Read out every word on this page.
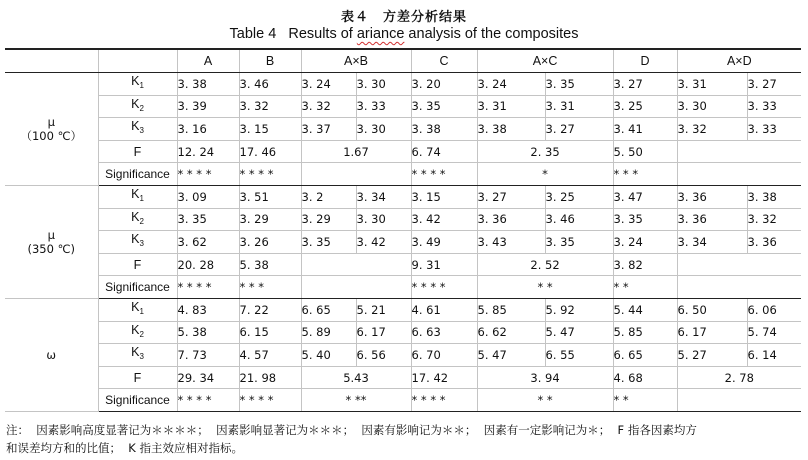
表４　方差分析结果
Table 4   Results of ariance analysis of the composites
		A	B	A×B		C	A×C		D	A×D	
μ
（100 ℃）	$K_1$	3. 38	3. 46	3. 24	3. 30	3. 20	3. 24	3. 35	3. 27	3. 31	3. 27
	$K_2$	3. 39	3. 32	3. 32	3. 33	3. 35	3. 31	3. 31	3. 25	3. 30	3. 33
	$K_3$	3. 16	3. 15	3. 37	3. 30	3. 38	3. 38	3. 27	3. 41	3. 32	3. 33
	F	12. 24	17. 46	1.67		6. 74	2. 35		5. 50		
	Significance	* * * *	* * * *			* * * *	*		* * *		
μ
(350 ℃)	$K_1$	3. 09	3. 51	3. 2	3. 34	3. 15	3. 27	3. 25	3. 47	3. 36	3. 38
	$K_2$	3. 35	3. 29	3. 29	3. 30	3. 42	3. 36	3. 46	3. 35	3. 36	3. 32
	$K_3$	3. 62	3. 26	3. 35	3. 42	3. 49	3. 43	3. 35	3. 24	3. 34	3. 36
	F	20. 28	5. 38			9. 31	2. 52		3. 82		
	Significance	* * * *	* * *			* * * *	* *		* *		
ω	$K_1$	4. 83	7. 22	6. 65	5. 21	4. 61	5. 85	5. 92	5. 44	6. 50	6. 06
	$K_2$	5. 38	6. 15	5. 89	6. 17	6. 63	6. 62	5. 47	5. 85	6. 17	5. 74
	$K_3$	7. 73	4. 57	5. 40	6. 56	6. 70	5. 47	6. 55	6. 65	5. 27	6. 14
	F	29. 34	21. 98	5.43		17. 42	3. 94		4. 68	2. 78	
	Significance	* * * *	* * * *	* **		* * * *	* *		* *		
注：  因素影响高度显著记为＊＊＊＊；  因素影响显著记为＊＊＊；  因素有影响记为＊＊；  因素有一定影响记为＊；  F 指各因素均方
和误差均方和的比值；  K 指主效应相对指标。
